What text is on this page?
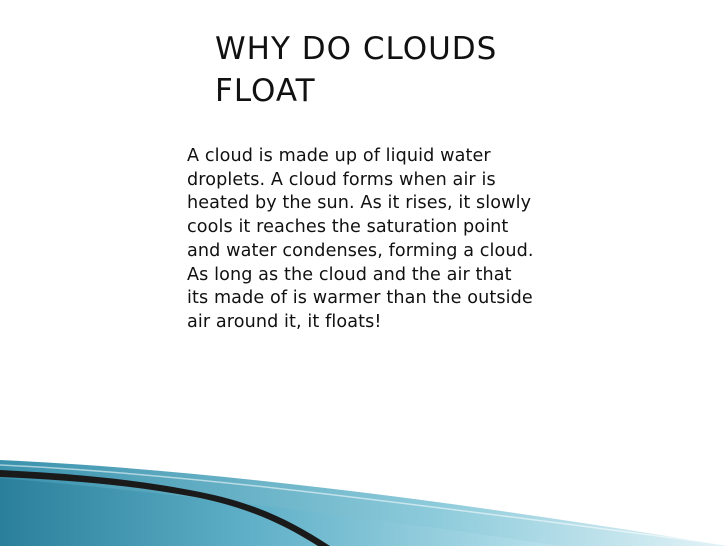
WHY DO CLOUDS FLOAT

A cloud is made up of liquid water droplets. A cloud forms when air is heated by the sun. As it rises, it slowly cools it reaches the saturation point and water condenses, forming a cloud. As long as the cloud and the air that its made of is warmer than the outside air around it, it floats!
